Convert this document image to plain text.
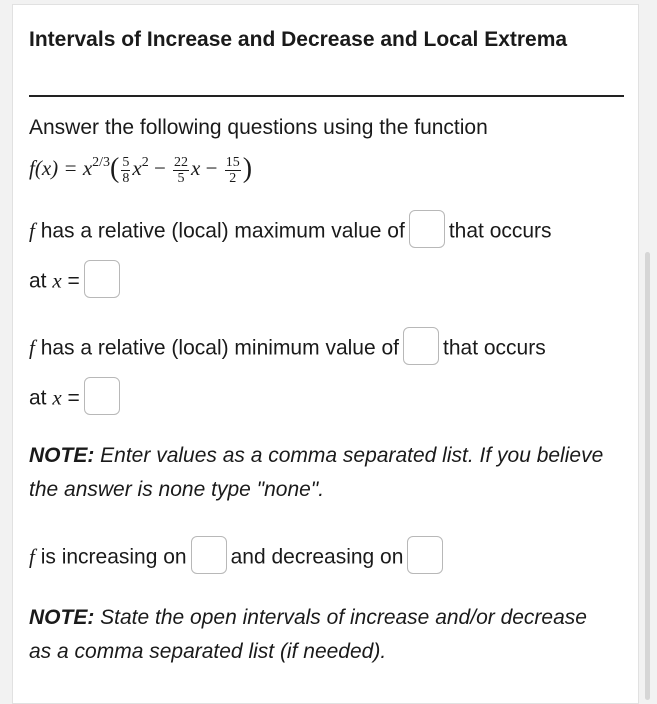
Intervals of Increase and Decrease and Local Extrema
Answer the following questions using the function
$f(x) = x^{2/3}( \frac{5}{8} x^2 - \frac{22}{5}$ $x - \frac{15}{2}$ )
f has a relative (local) maximum value of that occurs
at x =
f has a relative (local) minimum value of that occurs
at x =
NOTE: Enter values as a comma separated list. If you believe the answer is none type "none".
f is increasing on and decreasing on
NOTE: State the open intervals of increase and/or decrease as a comma separated list (if needed).
